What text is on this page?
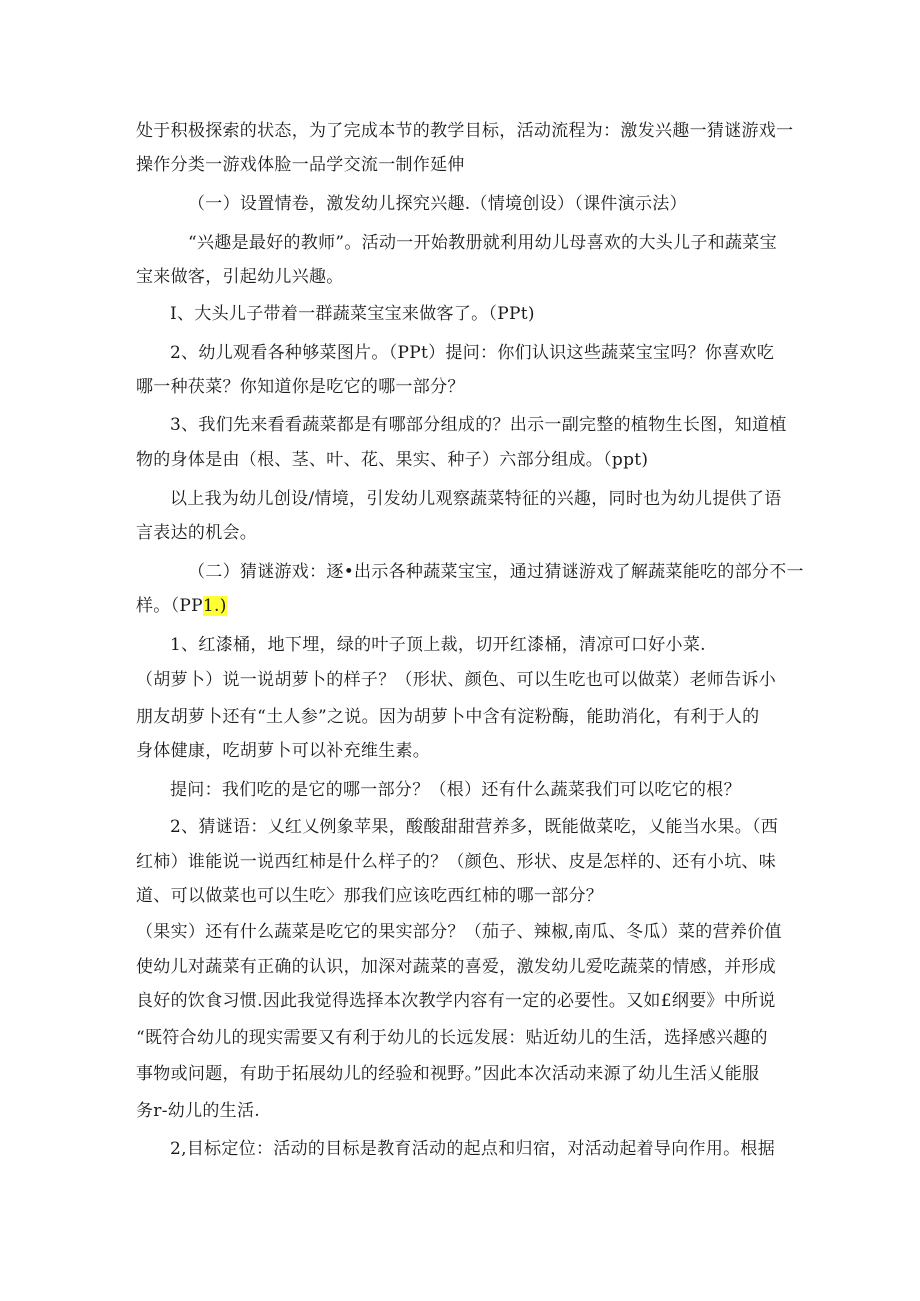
处于积极探索的状态，为了完成本节的教学目标，活动流程为：激发兴趣一猜谜游戏一
操作分类一游戏体脸一品学交流一制作延伸
（一）设置情卷，激发幼儿探究兴趣.（情境创设）（课件演示法）
“兴趣是最好的教师”。活动一开始教册就利用幼儿母喜欢的大头儿子和蔬菜宝
宝来做客，引起幼儿兴趣。
I、大头儿子带着一群蔬菜宝宝来做客了。（PPt)
2、幼儿观看各种够菜图片。（PPt）提问：你们认识这些蔬菜宝宝吗？你喜欢吃
哪一种茯菜？你知道你是吃它的哪一部分？
3、我们先来看看蔬菜都是有哪部分组成的？出示一副完整的植物生长图，知道植
物的身体是由（根、茎、叶、花、果实、种子）六部分组成。（ppt)
以上我为幼儿创设/情境，引发幼儿观察蔬菜特征的兴趣，同时也为幼儿提供了语
言表达的机会。
（二）猜谜游戏：逐•出示各种蔬菜宝宝，通过猜谜游戏了解蔬菜能吃的部分不一
样。（PP1.)
1、红漆桶，地下埋，绿的叶子顶上裁，切开红漆桶，清凉可口好小菜.
（胡萝卜）说一说胡萝卜的样子？（形状、颜色、可以生吃也可以做菜）老师告诉小
朋友胡萝卜还有“土人参”之说。因为胡萝卜中含有淀粉酶，能助消化，有利于人的
身体健康，吃胡萝卜可以补充维生素。
提问：我们吃的是它的哪一部分？（根）还有什么蔬菜我们可以吃它的根？
2、猜谜语：乂红乂例象苹果，酸酸甜甜营养多，既能做菜吃，乂能当水果。（西
红柿）谁能说一说西红柿是什么样子的？（颜色、形状、皮是怎样的、还有小坑、味
道、可以做菜也可以生吃〉那我们应该吃西红柿的哪一部分？
（果实）还有什么蔬菜是吃它的果实部分？（茄子、辣椒,南瓜、冬瓜）菜的营养价值
使幼儿对蔬菜有正确的认识，加深对蔬菜的喜爱，激发幼儿爱吃蔬菜的情感，并形成
良好的饮食习惯.因此我觉得选择本次教学内容有一定的必要性。又如£纲要》中所说
“既符合幼儿的现实需要又有利于幼儿的长远发展：贴近幼儿的生活，选择感兴趣的
事物或问题，有助于拓展幼儿的经验和视野。”因此本次活动来源了幼儿生活乂能服
务r-幼儿的生活.
2,目标定位：活动的目标是教育活动的起点和归宿，对活动起着导向作用。根据
